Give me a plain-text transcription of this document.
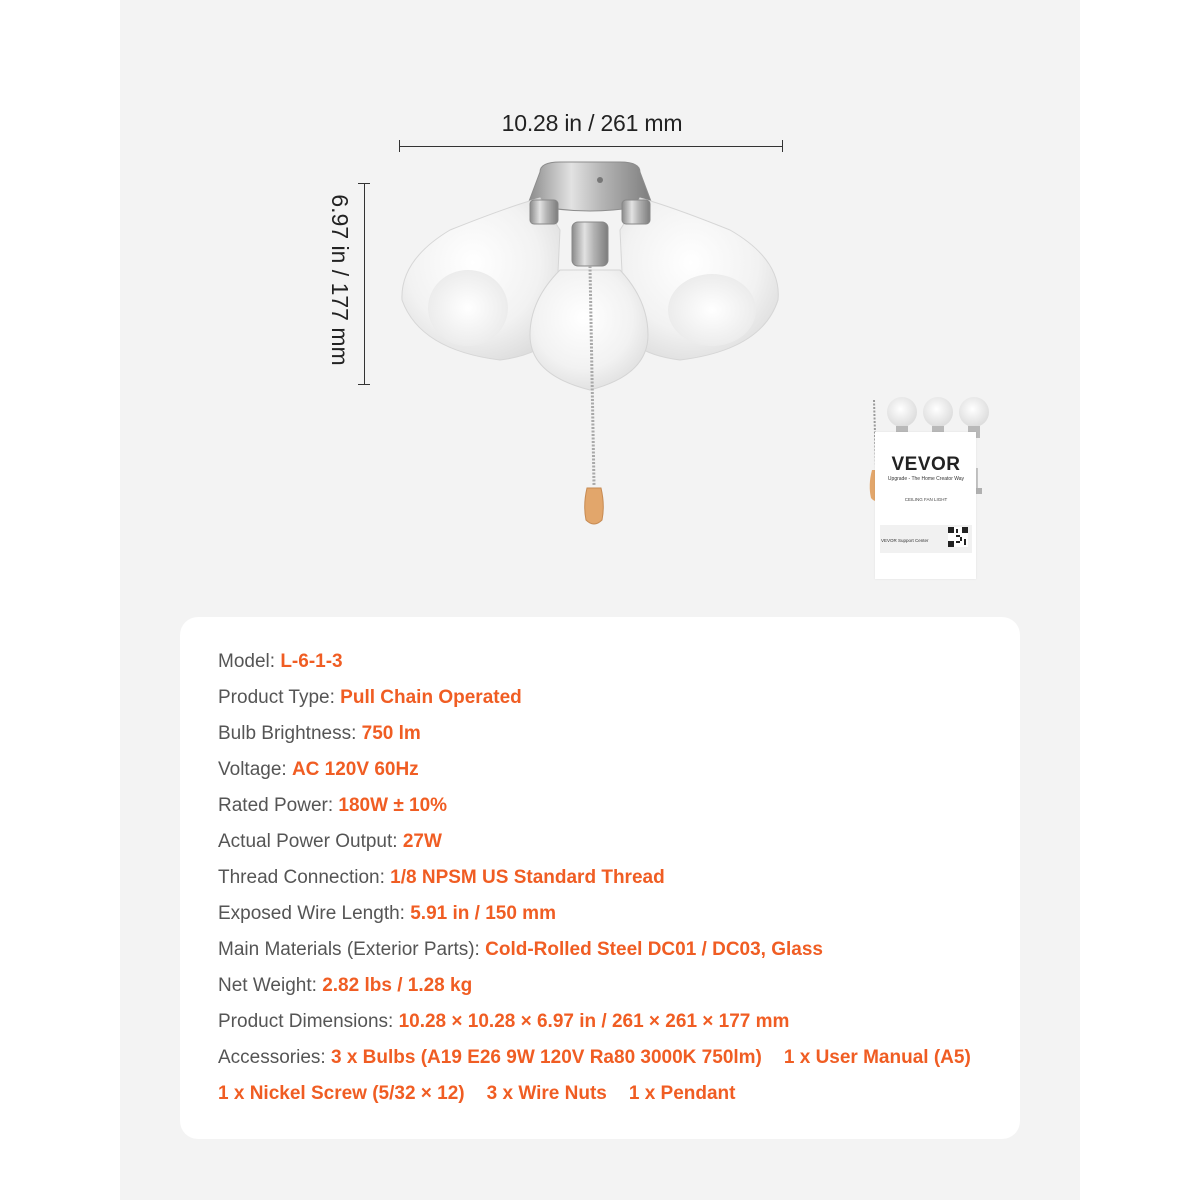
10.28 in / 261 mm
6.97 in / 177 mm
VEVOR
Upgrade - The Home Creator Way
CEILING FAN LIGHT
VEVOR Support Center
Model: L-6-1-3
Product Type: Pull Chain Operated
Bulb Brightness: 750 lm
Voltage: AC 120V 60Hz
Rated Power: 180W ± 10%
Actual Power Output: 27W
Thread Connection: 1/8 NPSM US Standard Thread
Exposed Wire Length: 5.91 in / 150 mm
Main Materials (Exterior Parts): Cold-Rolled Steel DC01 / DC03, Glass
Net Weight: 2.82 lbs / 1.28 kg
Product Dimensions: 10.28 × 10.28 × 6.97 in / 261 × 261 × 177 mm
Accessories: 3 x Bulbs (A19 E26 9W 120V Ra80 3000K 750lm) 1 x User Manual (A5)
1 x Nickel Screw (5/32 × 12) 3 x Wire Nuts 1 x Pendant
